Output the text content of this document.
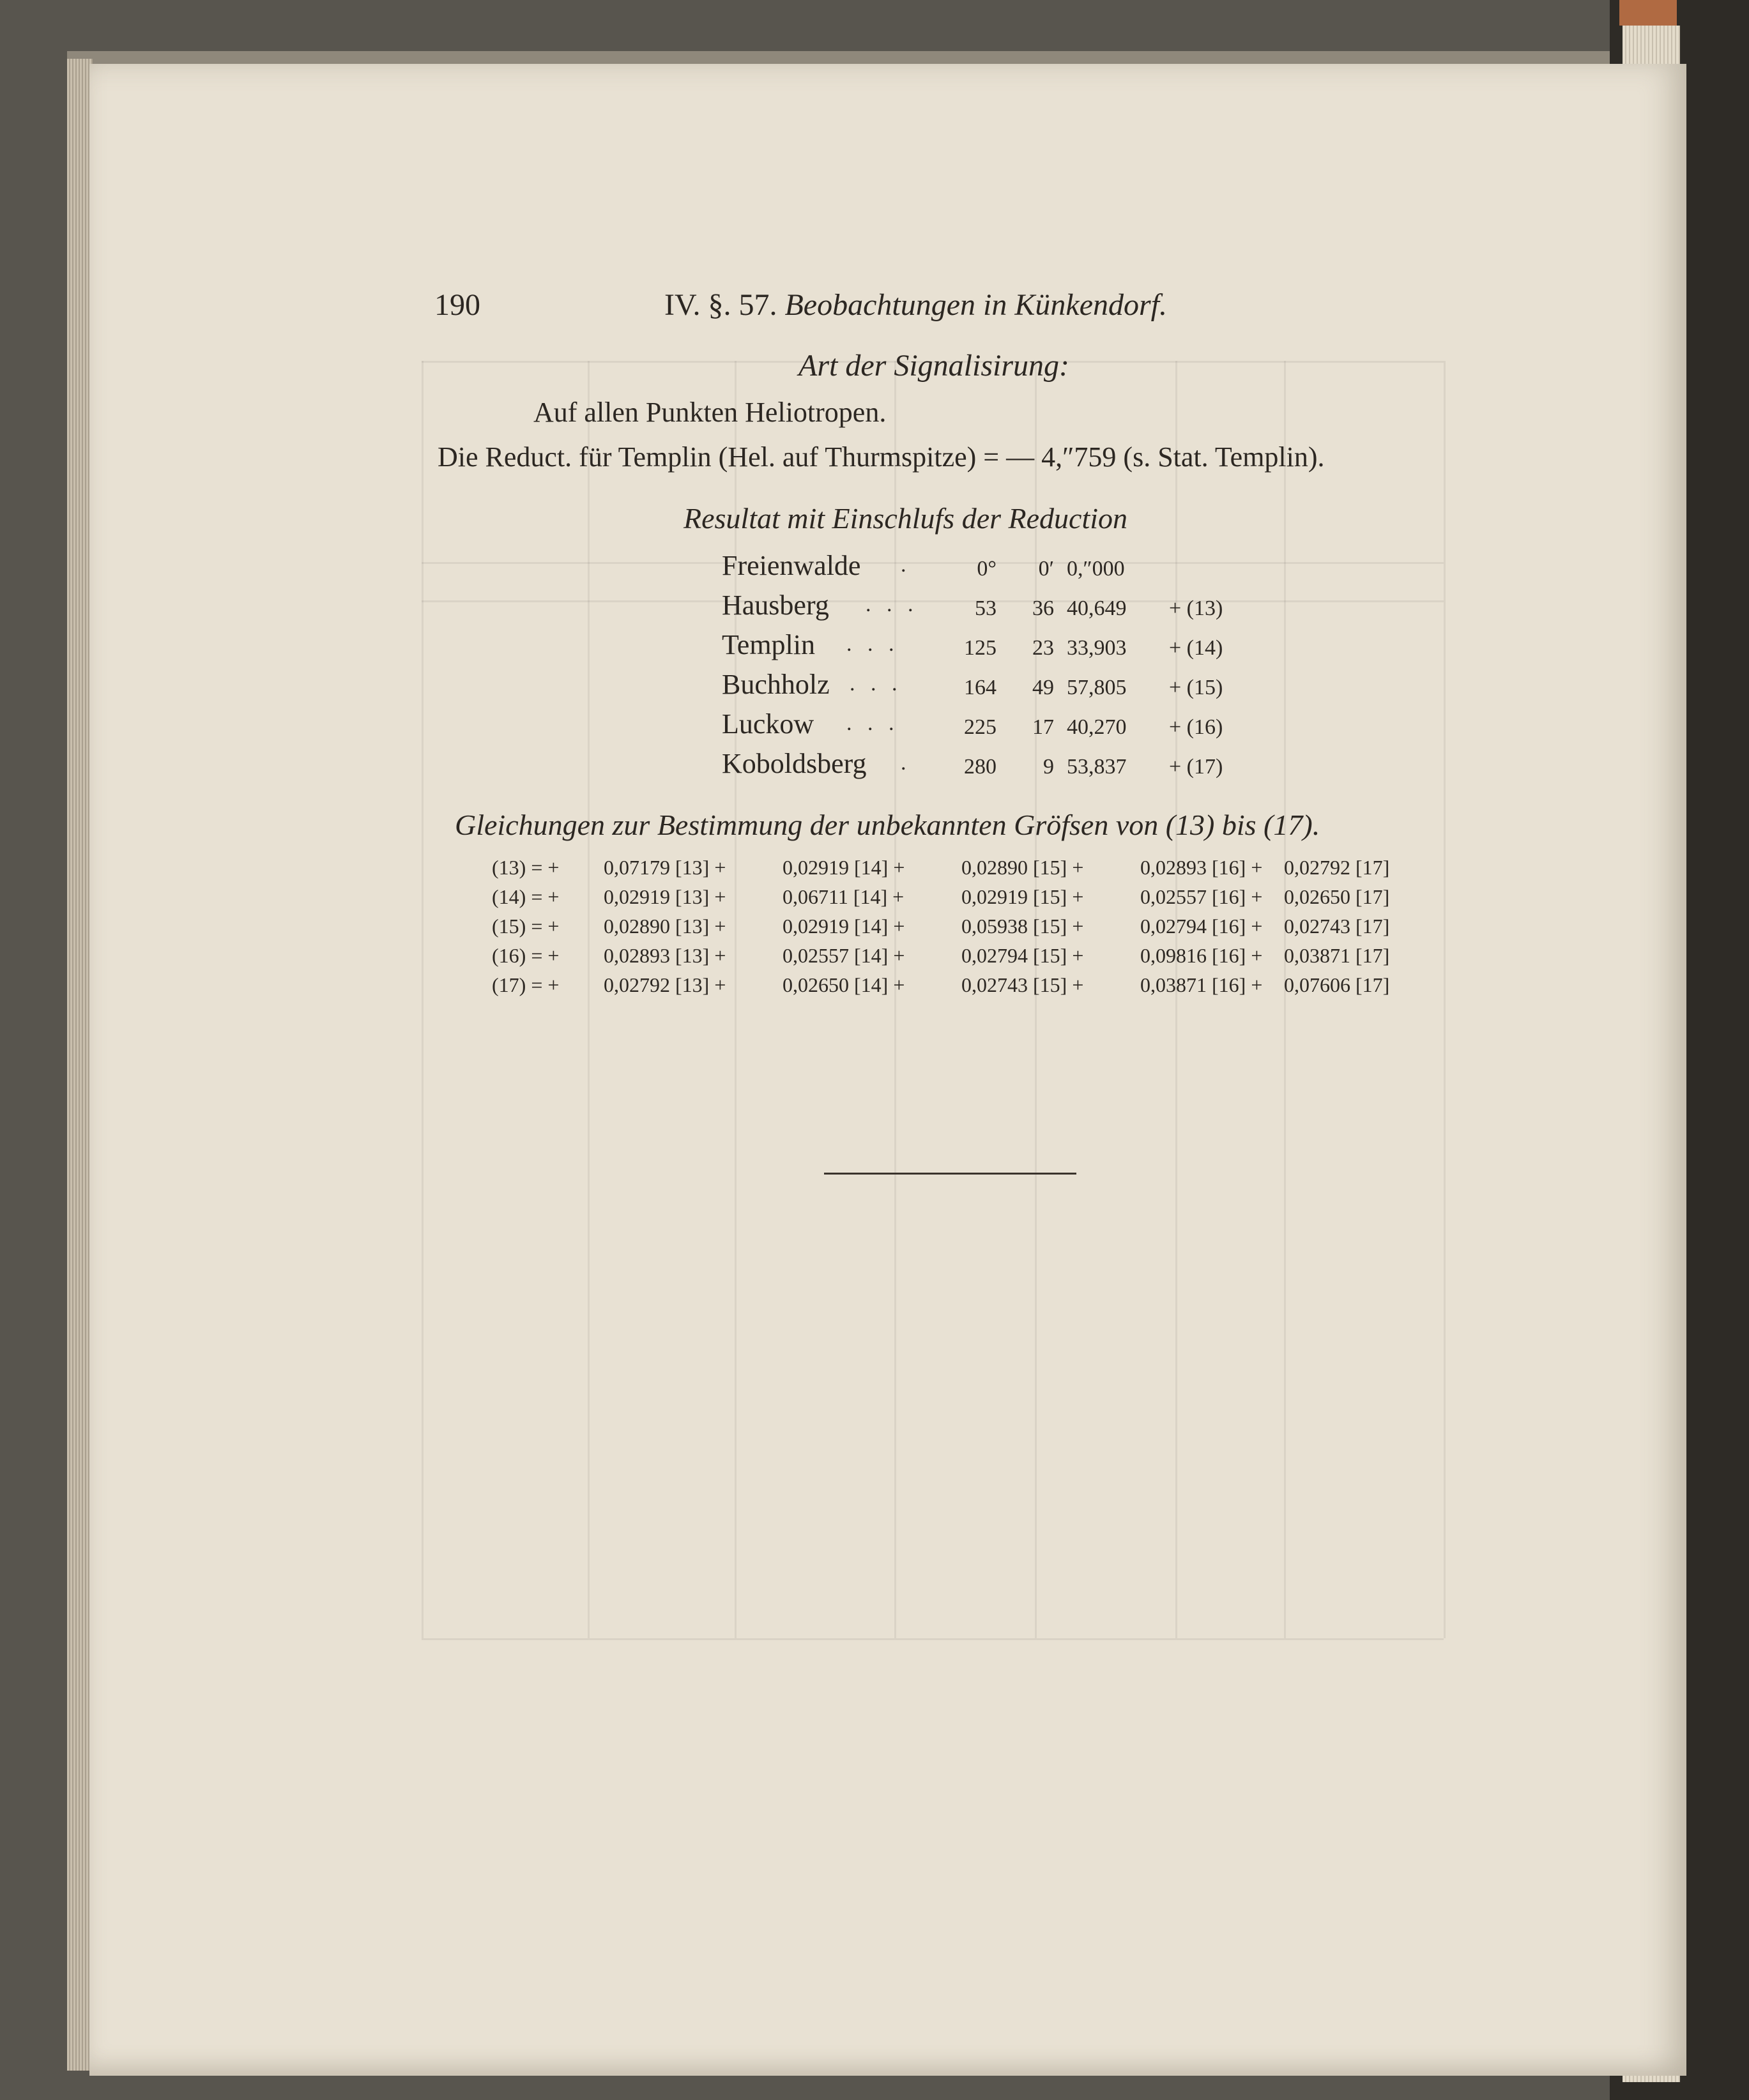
190	IV. §. 57. Beobachtungen in Künkendorf.
Art der Signalisirung:
Auf allen Punkten Heliotropen.
Die Reduct. für Templin (Hel. auf Thurmspitze) = — 4,″759 (s. Stat. Templin).
Resultat mit Einschlufs der Reduction
Freienwalde .	0°	0′ 0,″000
Hausberg . . .	53	36 40,649	+ (13)
Templin . . .	125	23 33,903	+ (14)
Buchholz . . .	164	49 57,805	+ (15)
Luckow . . .	225	17 40,270	+ (16)
Koboldsberg .	280	9 53,837	+ (17)
Gleichungen zur Bestimmung der unbekannten Gröfsen von (13) bis (17).
(13) = + 0,07179 [13] +	0,02919 [14] +	0,02890 [15] +	0,02893 [16] + 0,02792 [17]
(14) = + 0,02919 [13] +	0,06711 [14] +	0,02919 [15] +	0,02557 [16] + 0,02650 [17]
(15) = + 0,02890 [13] +	0,02919 [14] +	0,05938 [15] +	0,02794 [16] + 0,02743 [17]
(16) = + 0,02893 [13] +	0,02557 [14] +	0,02794 [15] +	0,09816 [16] + 0,03871 [17]
(17) = + 0,02792 [13] +	0,02650 [14] +	0,02743 [15] +	0,03871 [16] + 0,07606 [17]
